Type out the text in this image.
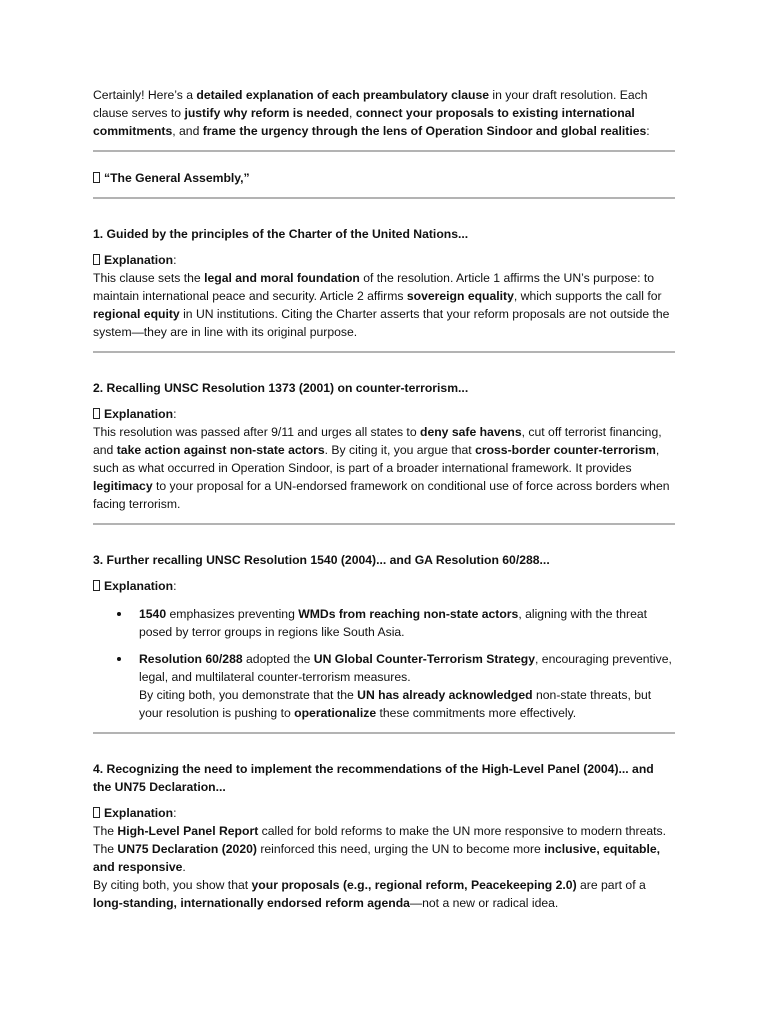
Certainly! Here’s a detailed explanation of each preambulatory clause in your draft resolution. Each clause serves to justify why reform is needed, connect your proposals to existing international commitments, and frame the urgency through the lens of Operation Sindoor and global realities:

“The General Assembly,”

1. Guided by the principles of the Charter of the United Nations...

Explanation:

This clause sets the legal and moral foundation of the resolution. Article 1 affirms the UN’s purpose: to maintain international peace and security. Article 2 affirms sovereign equality, which supports the call for regional equity in UN institutions. Citing the Charter asserts that your reform proposals are not outside the system—they are in line with its original purpose.

2. Recalling UNSC Resolution 1373 (2001) on counter-terrorism...

Explanation:

This resolution was passed after 9/11 and urges all states to deny safe havens, cut off terrorist financing, and take action against non-state actors. By citing it, you argue that cross-border counter-terrorism, such as what occurred in Operation Sindoor, is part of a broader international framework. It provides legitimacy to your proposal for a UN-endorsed framework on conditional use of force across borders when facing terrorism.

3. Further recalling UNSC Resolution 1540 (2004)... and GA Resolution 60/288...

Explanation:

1540 emphasizes preventing WMDs from reaching non-state actors, aligning with the threat posed by terror groups in regions like South Asia.
Resolution 60/288 adopted the UN Global Counter-Terrorism Strategy, encouraging preventive, legal, and multilateral counter-terrorism measures.
By citing both, you demonstrate that the UN has already acknowledged non-state threats, but your resolution is pushing to operationalize these commitments more effectively.

4. Recognizing the need to implement the recommendations of the High-Level Panel (2004)... and the UN75 Declaration...

Explanation:

The High-Level Panel Report called for bold reforms to make the UN more responsive to modern threats. The UN75 Declaration (2020) reinforced this need, urging the UN to become more inclusive, equitable, and responsive.
By citing both, you show that your proposals (e.g., regional reform, Peacekeeping 2.0) are part of a long-standing, internationally endorsed reform agenda—not a new or radical idea.
